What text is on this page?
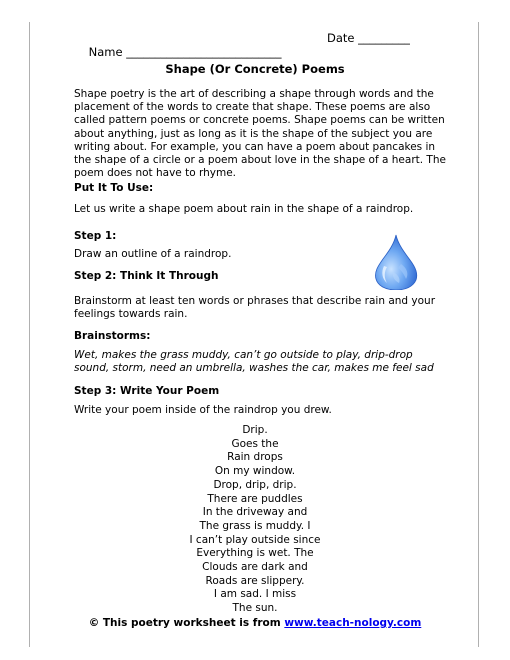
Name ___________________________

Date _________

Shape (Or Concrete) Poems
Shape poetry is the art of describing a shape through words and the placement of the words to create that shape. These poems are also called pattern poems or concrete poems. Shape poems can be written about anything, just as long as it is the shape of the subject you are writing about. For example, you can have a poem about pancakes in the shape of a circle or a poem about love in the shape of a heart. The poem does not have to rhyme.
Put It To Use:
Let us write a shape poem about rain in the shape of a raindrop.
Step 1:
Draw an outline of a raindrop.
Step 2: Think It Through
Brainstorm at least ten words or phrases that describe rain and your feelings towards rain.
Brainstorms:
Wet, makes the grass muddy, can’t go outside to play, drip-drop sound, storm, need an umbrella, washes the car, makes me feel sad
Step 3: Write Your Poem
Write your poem inside of the raindrop you drew.
Drip.
Goes the
Rain drops
On my window.
Drop, drip, drip.
There are puddles
In the driveway and
The grass is muddy. I
I can’t play outside since
Everything is wet. The
Clouds are dark and
Roads are slippery.
I am sad. I miss
The sun.
© This poetry worksheet is from www.teach-nology.com
